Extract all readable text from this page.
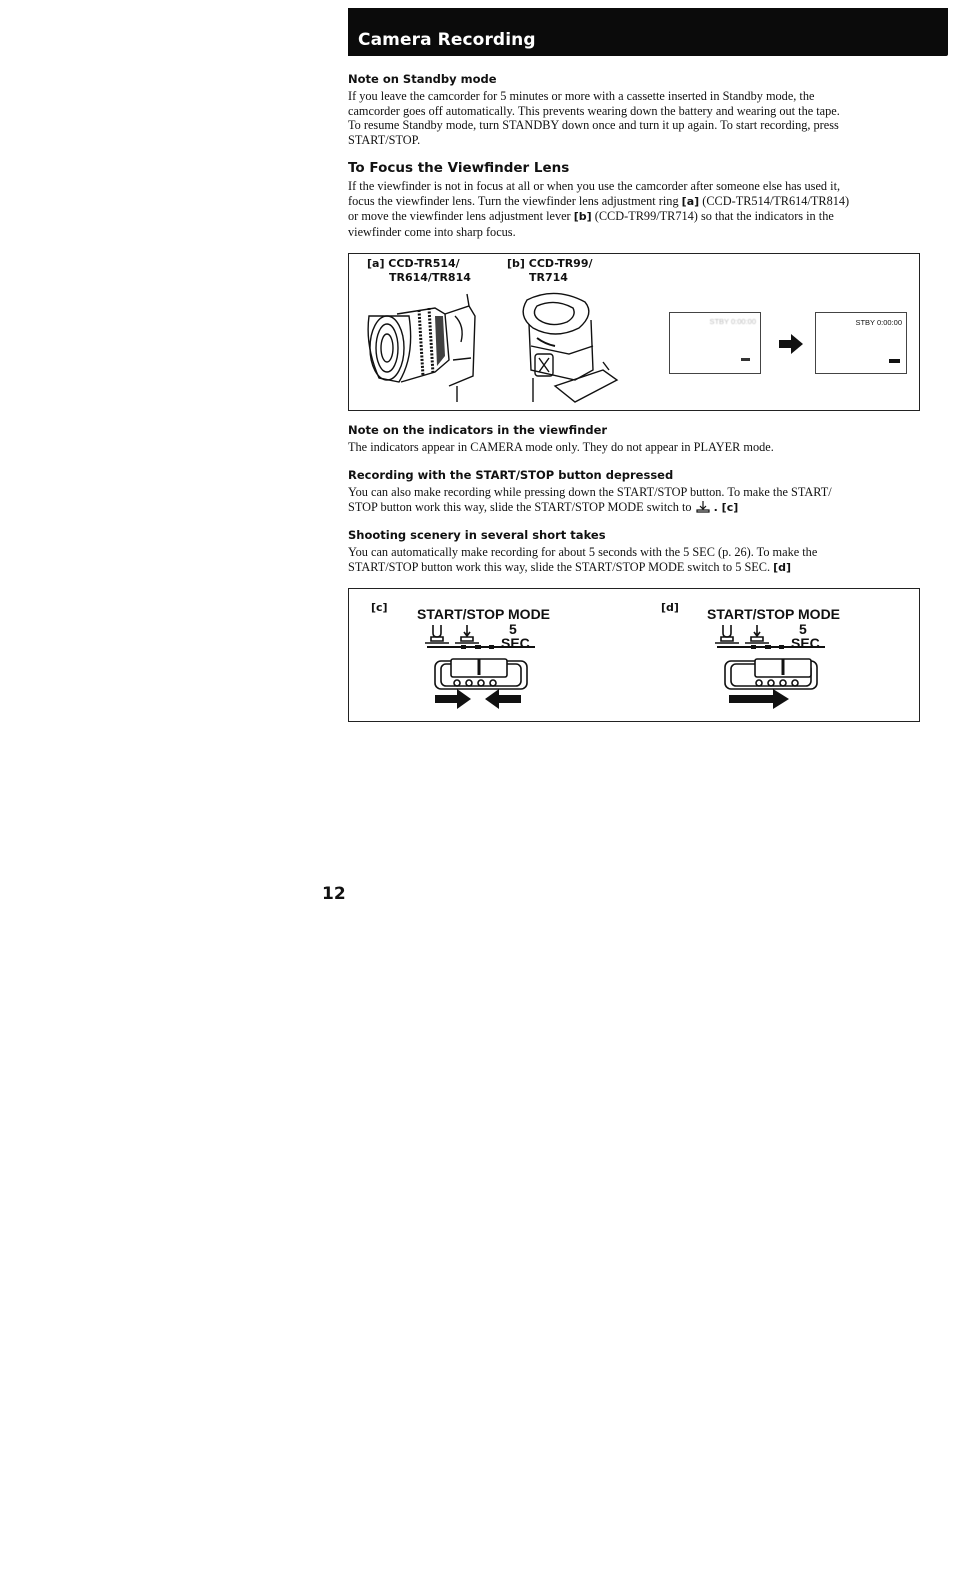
Camera Recording
Note on Standby mode
If you leave the camcorder for 5 minutes or more with a cassette inserted in Standby mode, the
camcorder goes off automatically. This prevents wearing down the battery and wearing out the tape.
To resume Standby mode, turn STANDBY down once and turn it up again. To start recording, press
START/STOP.
To Focus the Viewfinder Lens
If the viewfinder is not in focus at all or when you use the camcorder after someone else has used it,
focus the viewfinder lens. Turn the viewfinder lens adjustment ring [a] (CCD-TR514/TR614/TR814)
or move the viewfinder lens adjustment lever [b] (CCD-TR99/TR714) so that the indicators in the
viewfinder come into sharp focus.
[a] CCD-TR514/
TR614/TR814
[b] CCD-TR99/
TR714
STBY 0:00:00	STBY 0:00:00
Note on the indicators in the viewfinder
The indicators appear in CAMERA mode only. They do not appear in PLAYER mode.
Recording with the START/STOP button depressed
You can also make recording while pressing down the START/STOP button. To make the START/
STOP button work this way, slide the START/STOP MODE switch to  . [c]
Shooting scenery in several short takes
You can automatically make recording for about 5 seconds with the 5 SEC (p. 26). To make the
START/STOP button work this way, slide the START/STOP MODE switch to 5 SEC. [d]
[c] START/STOP MODE
5
SEC
[d] START/STOP MODE
5
SEC
12
